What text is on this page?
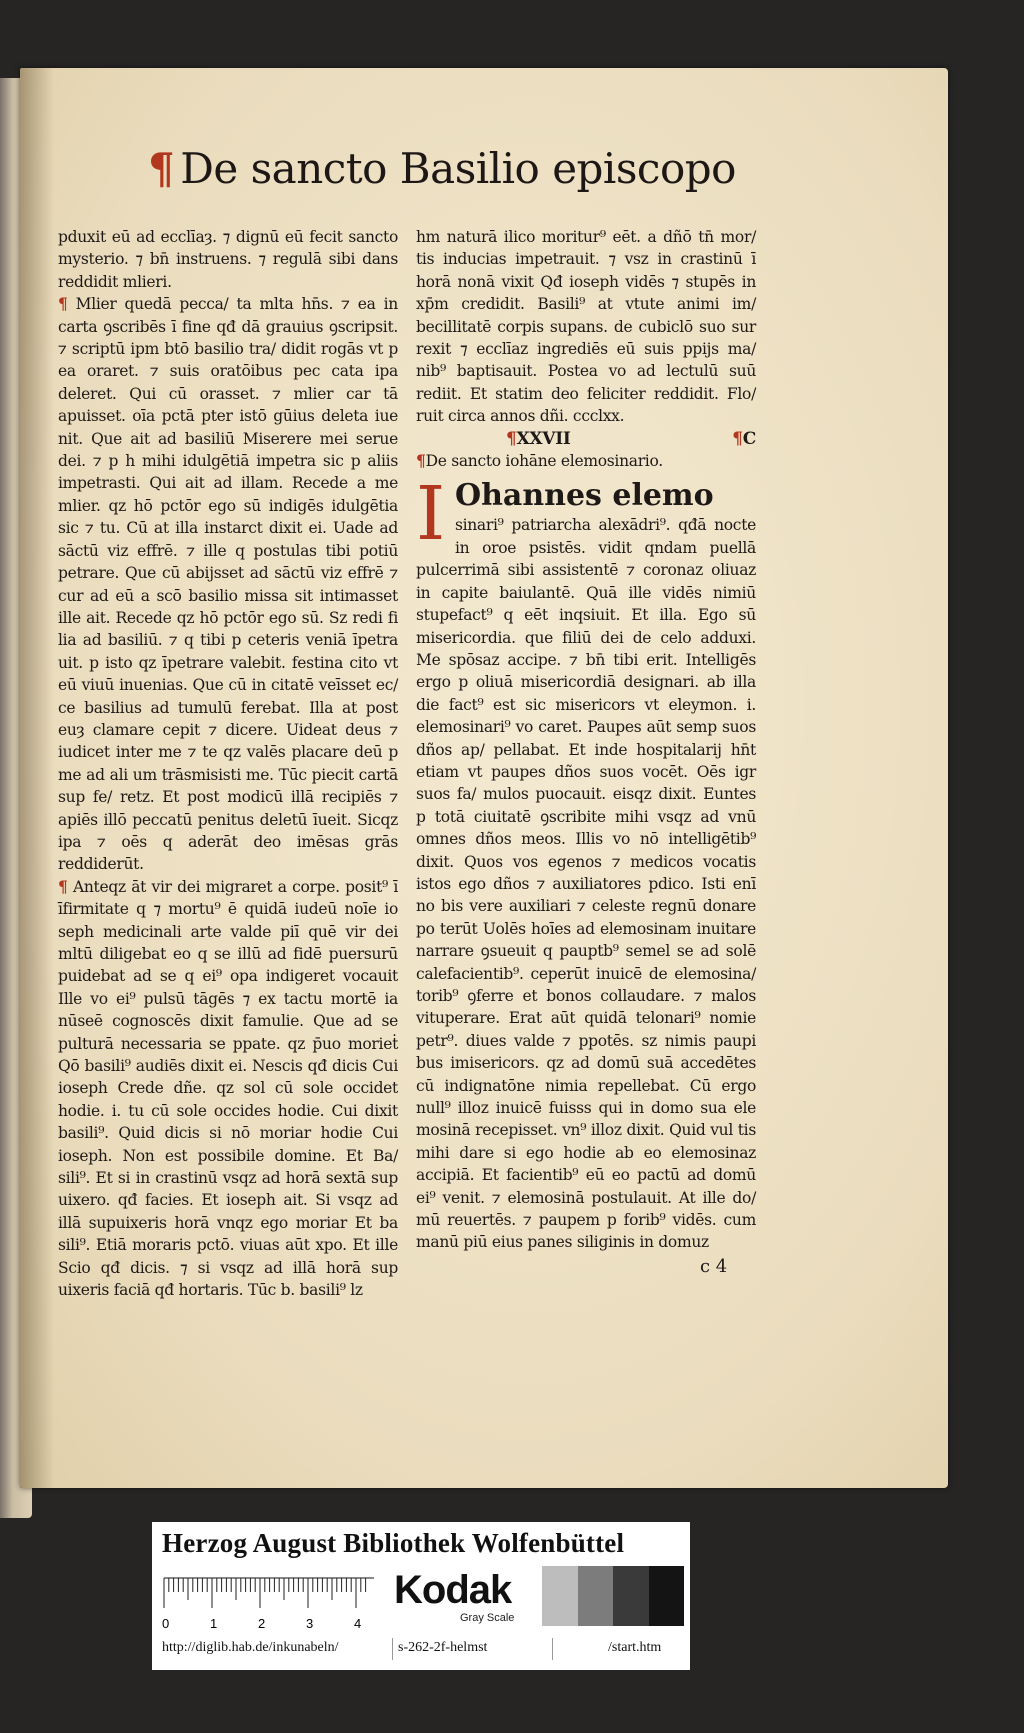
¶ De sancto Basilio episcopo

pduxit eū ad ecclīaȝ. ⁊ dignū eū fecit sancto mysterio. ⁊ bn̄ instruens. ⁊ regulā sibi dans reddidit mlieri.

¶ Mlier quedā pecca/ ta mlta hn̄s. ⁊ ea in carta ꝯscribēs ī fine qđ dā grauius ꝯscripsit. ⁊ scriptū ipm btō basilio tra/ didit rogās vt p ea oraret. ⁊ suis oratōibus pec cata ipa deleret. Qui cū orasset. ⁊ mlier car tā apuisset. oīa pctā pter istō gūius deleta iue nit. Que ait ad basiliū Miserere mei serue dei. ⁊ p h mihi idulgētiā impetra sic p aliis impetrasti. Qui ait ad illam. Recede a me mlier. qz hō pctōr ego sū indigēs idulgētia sic ⁊ tu. Cū at illa instarct dixit ei. Uade ad sāctū viz effrē. ⁊ ille q postulas tibi potiū petrare. Que cū abijsset ad sāctū viz effrē ⁊ cur ad eū a scō basilio missa sit intimasset ille ait. Recede qz hō pctōr ego sū. Sz redi fi lia ad basiliū. ⁊ q tibi p ceteris veniā īpetra uit. p isto qz īpetrare valebit. festina cito vt eū viuū inuenias. Que cū in citatē veīsset ec/ ce basilius ad tumulū ferebat. Illa at post euȝ clamare cepit ⁊ dicere. Uideat deus ⁊ iudicet inter me ⁊ te qz valēs placare deū p me ad ali um trāsmisisti me. Tūc piecit cartā sup fe/ retz. Et post modicū illā recipiēs ⁊ apiēs illō peccatū penitus deletū īueit. Sicqz ipa ⁊ oēs q aderāt deo imēsas grās reddiderūt.

¶ Anteqz āt vir dei migraret a corpe. posit⁹ ī īfirmitate q ⁊ mortu⁹ ē quidā iudeū noīe io seph medicinali arte valde piī quē vir dei mltū diligebat eo q se illū ad fidē puersurū puidebat ad se q ei⁹ opa indigeret vocauit Ille vo ei⁹ pulsū tāgēs ⁊ ex tactu mortē ia nūseē cognoscēs dixit famulie. Que ad se pulturā necessaria se ppate. qz p̄uo morieṫ Qō basili⁹ audiēs dixit ei. Nescis qđ dicis Cui ioseph Crede dñe. qz sol cū sole occidet hodie. i. tu cū sole occides hodie. Cui dixit basili⁹. Quid dicis si nō moriar hodie Cui ioseph. Non est possibile domine. Et Ba/ sili⁹. Et si in crastinū vsqz ad horā sextā sup uixero. qđ facies. Et ioseph ait. Si vsqz ad illā supuixeris horā vnqz ego moriar Et ba sili⁹. Etiā moraris pctō. viuas aūt xpo. Et ille Scio qđ dicis. ⁊ si vsqz ad illā horā sup uixeris faciā qđ hortaris. Tūc b. basili⁹ lz

hm naturā ilico moritur⁹ eēt. a dñō tn̄ mor/ tis inducias impetrauit. ⁊ vsz in crastinū ī horā nonā vixit Qđ ioseph vidēs ⁊ stupēs in xp̄m credidit. Basili⁹ at vtute animi im/ becillitatē corpis supans. de cubiclō suo sur rexit ⁊ ecclīaz ingrediēs eū suis ppijs ma/ nib⁹ baptisauit. Postea vo ad lectulū suū rediit. Et statim deo feliciter reddidit. Flo/ ruit circa annos dñi. ccclxx.

¶XXVII	¶C

¶De sancto iohāne elemosinario.

I Ohannes elemo
sinari⁹ patriarcha alexādri⁹. qđā nocte in oroe psistēs. vidit qndam puellā pulcerrimā sibi assistentē ⁊ coronaz oliuaz in capite baiulantē. Quā ille vidēs nimiū stupefact⁹ q eēt inqsiuit. Et illa. Ego sū misericordia. que filiū dei de celo adduxi. Me spōsaz accipe. ⁊ bn̄ tibi erit. Intelligēs ergo p oliuā misericordiā designari. ab illa die fact⁹ est sic misericors vt eleymon. i. elemosinari⁹ vo caret. Paupes aūt semp suos dños ap/ pellabat. Et inde hospitalarij hn̄t etiam vt paupes dños suos vocēt. Oēs igr suos fa/ mulos puocauit. eisqz dixit. Euntes p totā ciuitatē ꝯscribite mihi vsqz ad vnū omnes dños meos. Illis vo nō intelligētib⁹ dixit. Quos vos egenos ⁊ medicos vocatis istos ego dños ⁊ auxiliatores pdico. Isti enī no bis vere auxiliari ⁊ celeste regnū donare po terūt Uolēs hoīes ad elemosinam inuitare narrare ꝯsueuit q pauptb⁹ semel se ad solē calefacientib⁹. ceperūt inuicē de elemosina/ torib⁹ ꝯferre et bonos collaudare. ⁊ malos vituperare. Erat aūt quidā telonari⁹ nomie petr⁹. diues valde ⁊ ppotēs. sz nimis paupi bus imisericors. qz ad domū suā accedētes cū indignatōne nimia repellebat. Cū ergo null⁹ illoz inuicē fuisss qui in domo sua ele mosinā recepisset. vn⁹ illoz dixit. Quid vul tis mihi dare si ego hodie ab eo elemosinaz accipiā. Et facientib⁹ eū eo pactū ad domū ei⁹ venit. ⁊ elemosinā postulauit. At ille do/ mū reuertēs. ⁊ paupem p forib⁹ vidēs. cum manū piū eius panes siliginis in domuz

c 4
Herzog August Bibliothek Wolfenbüttel
0	1	2	3	4
Kodak
Gray Scale
http://diglib.hab.de/inkunabeln/	s-262-2f-helmst	/start.htm
